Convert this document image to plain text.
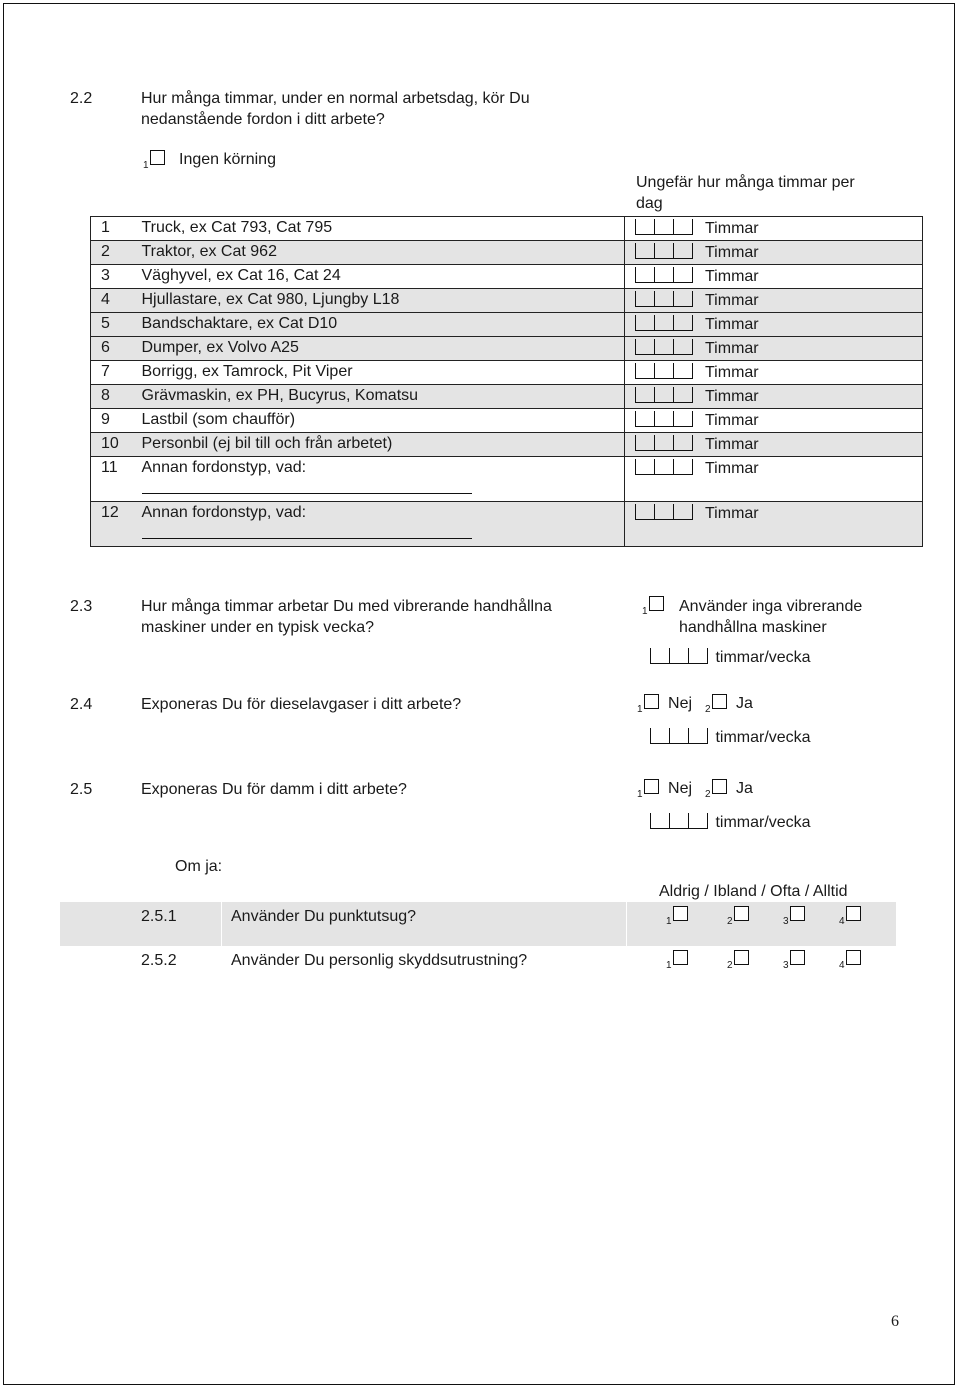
2.2	Hur många timmar, under en normal arbetsdag, kör Du
nedanstående fordon i ditt arbete?
$_1$ Ingen körning
Ungefär hur många timmar per
dag
1	Truck, ex Cat 793, Cat 795	Timmar
2	Traktor, ex Cat 962	Timmar
3	Väghyvel, ex Cat 16, Cat 24	Timmar
4	Hjullastare, ex Cat 980, Ljungby L18	Timmar
5	Bandschaktare, ex Cat D10	Timmar
6	Dumper, ex Volvo A25	Timmar
7	Borrigg, ex Tamrock, Pit Viper	Timmar
8	Grävmaskin, ex PH, Bucyrus, Komatsu	Timmar
9	Lastbil (som chaufför)	Timmar
10	Personbil (ej bil till och från arbetet)	Timmar
11	Annan fordonstyp, vad:	Timmar
12	Annan fordonstyp, vad:	Timmar
2.3	Hur många timmar arbetar Du med vibrerande handhållna
maskiner under en typisk vecka?
$_1$	Använder inga vibrerande
handhållna maskiner
timmar/vecka
2.4	Exponeras Du för dieselavgaser i ditt arbete?	$_1$ Nej $_2$ Ja
timmar/vecka
2.5	Exponeras Du för damm i ditt arbete?	$_1$ Nej $_2$ Ja
timmar/vecka
Om ja:
Aldrig / Ibland / Ofta / Alltid
2.5.1	Använder Du punktutsug?	$_1$	$_2$	$_3$	$_4$
2.5.2	Använder Du personlig skyddsutrustning?	$_1$	$_2$	$_3$	$_4$
6
